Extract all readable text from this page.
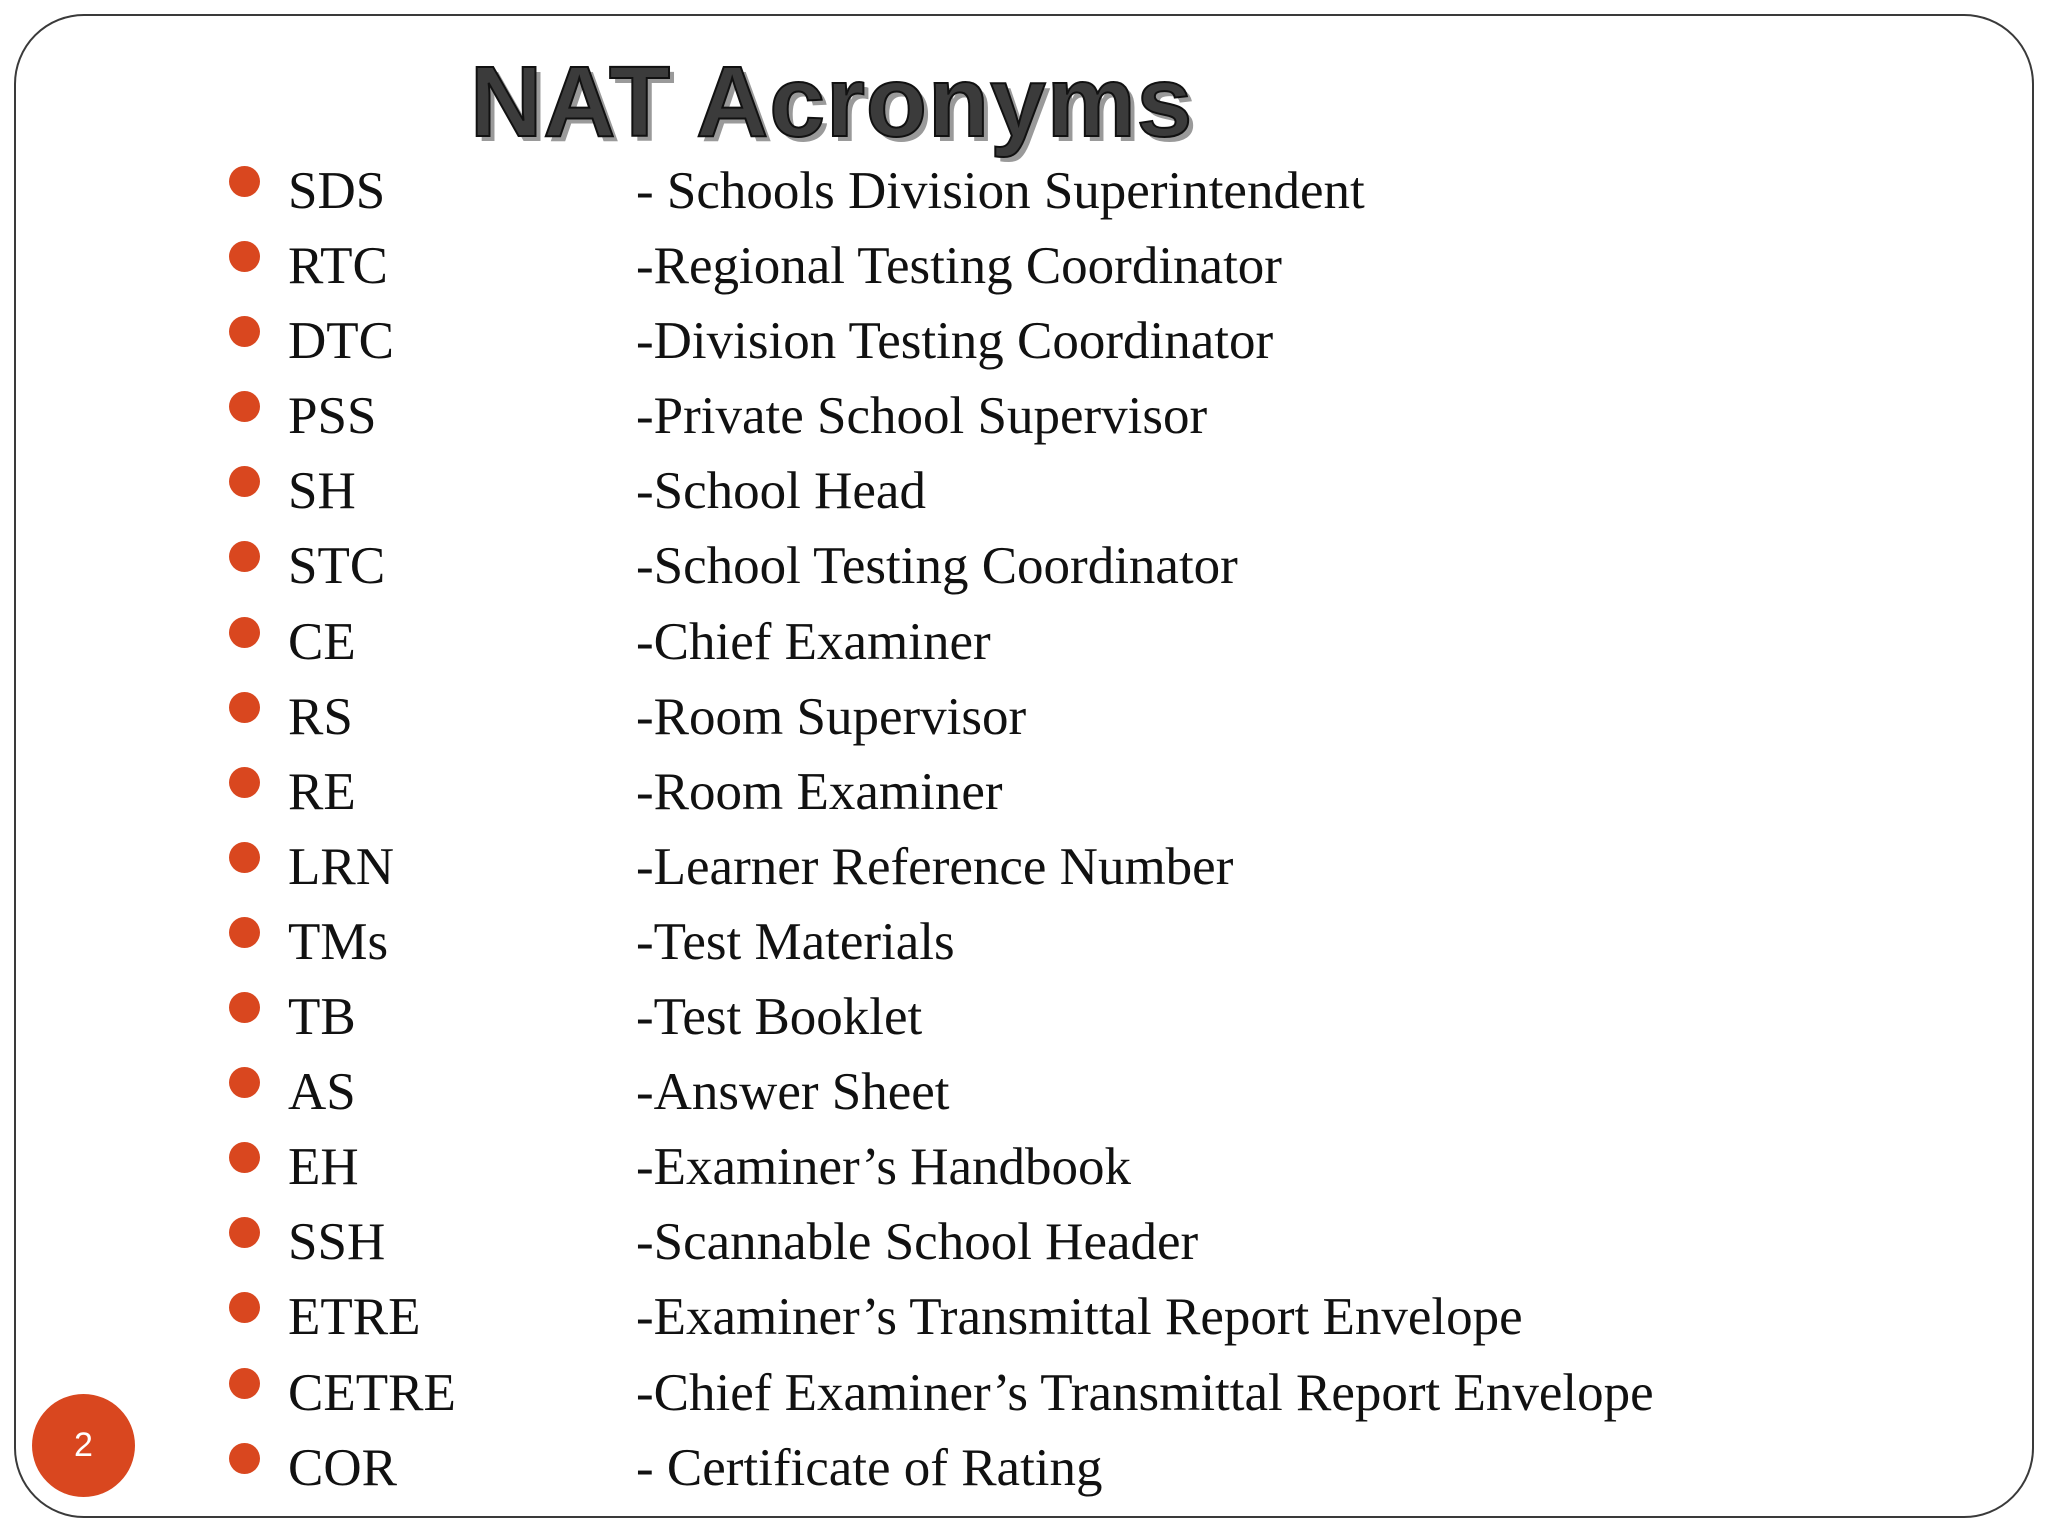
NAT Acronyms
SDS	- Schools Division Superintendent
RTC	-Regional Testing Coordinator
DTC	-Division Testing Coordinator
PSS	-Private School Supervisor
SH	-School Head
STC	-School Testing Coordinator
CE	-Chief Examiner
RS	-Room Supervisor
RE	-Room Examiner
LRN	-Learner Reference Number
TMs	-Test Materials
TB	-Test Booklet
AS	-Answer Sheet
EH	-Examiner’s Handbook
SSH	-Scannable School Header
ETRE	-Examiner’s Transmittal Report Envelope
CETRE	-Chief Examiner’s Transmittal Report Envelope
COR	- Certificate of Rating
2
